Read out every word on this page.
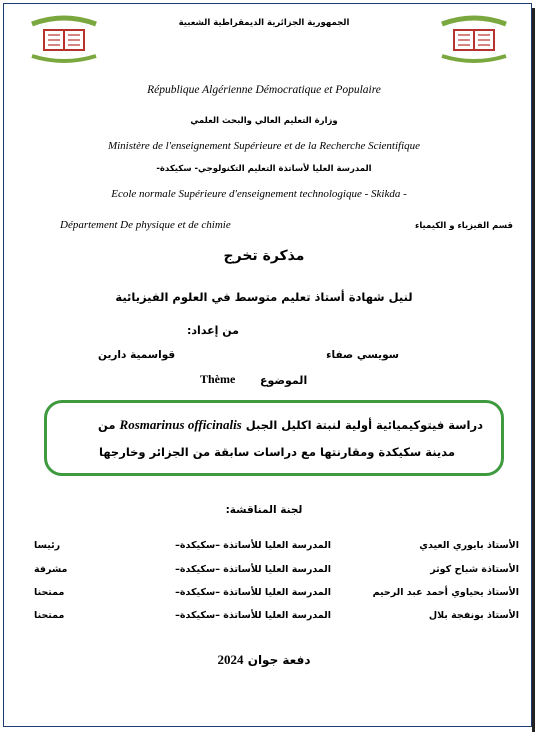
الجمهورية الجزائرية الديمقراطية الشعبية
République Algérienne Démocratique et Populaire
وزارة التعليم العالي والبحث العلمي
Ministère de l'enseignement Supérieure et de la Recherche Scientifique
المدرسة العليا لأساتذة التعليم التكنولوجي- سكيكدة-
Ecole normale Supérieure d'enseignement technologique - Skikda -
Département De physique et de chimie	قسم الفيزياء و الكيمياء
مذكرة تخرج
لنيل شهادة أستاذ تعليم متوسط في العلوم الفيزيائية
من إعداد:
سويسي صفاء
قواسمية دارين
الموضوع
Thème
دراسة فيتوكيميائية أولية لنبتة اكليل الجبل Rosmarinus officinalis من
مدينة سكيكدة ومقارنتها مع دراسات سابقة من الجزائر وخارجها
لجنة المناقشة:
الأستاذ بايوري العيدي
المدرسة العليا للأساتذة –سكيكدة–
رئيسا
الأستاذة شباح كوثر
المدرسة العليا للأساتذة –سكيكدة–
مشرفة
الأستاذ يحياوي أحمد عبد الرحيم
المدرسة العليا للأساتذة –سكيكدة–
ممتحنا
الأستاذ بونفجة بلال
المدرسة العليا للأساتذة –سكيكدة–
ممتحنا
دفعة جوان 2024
